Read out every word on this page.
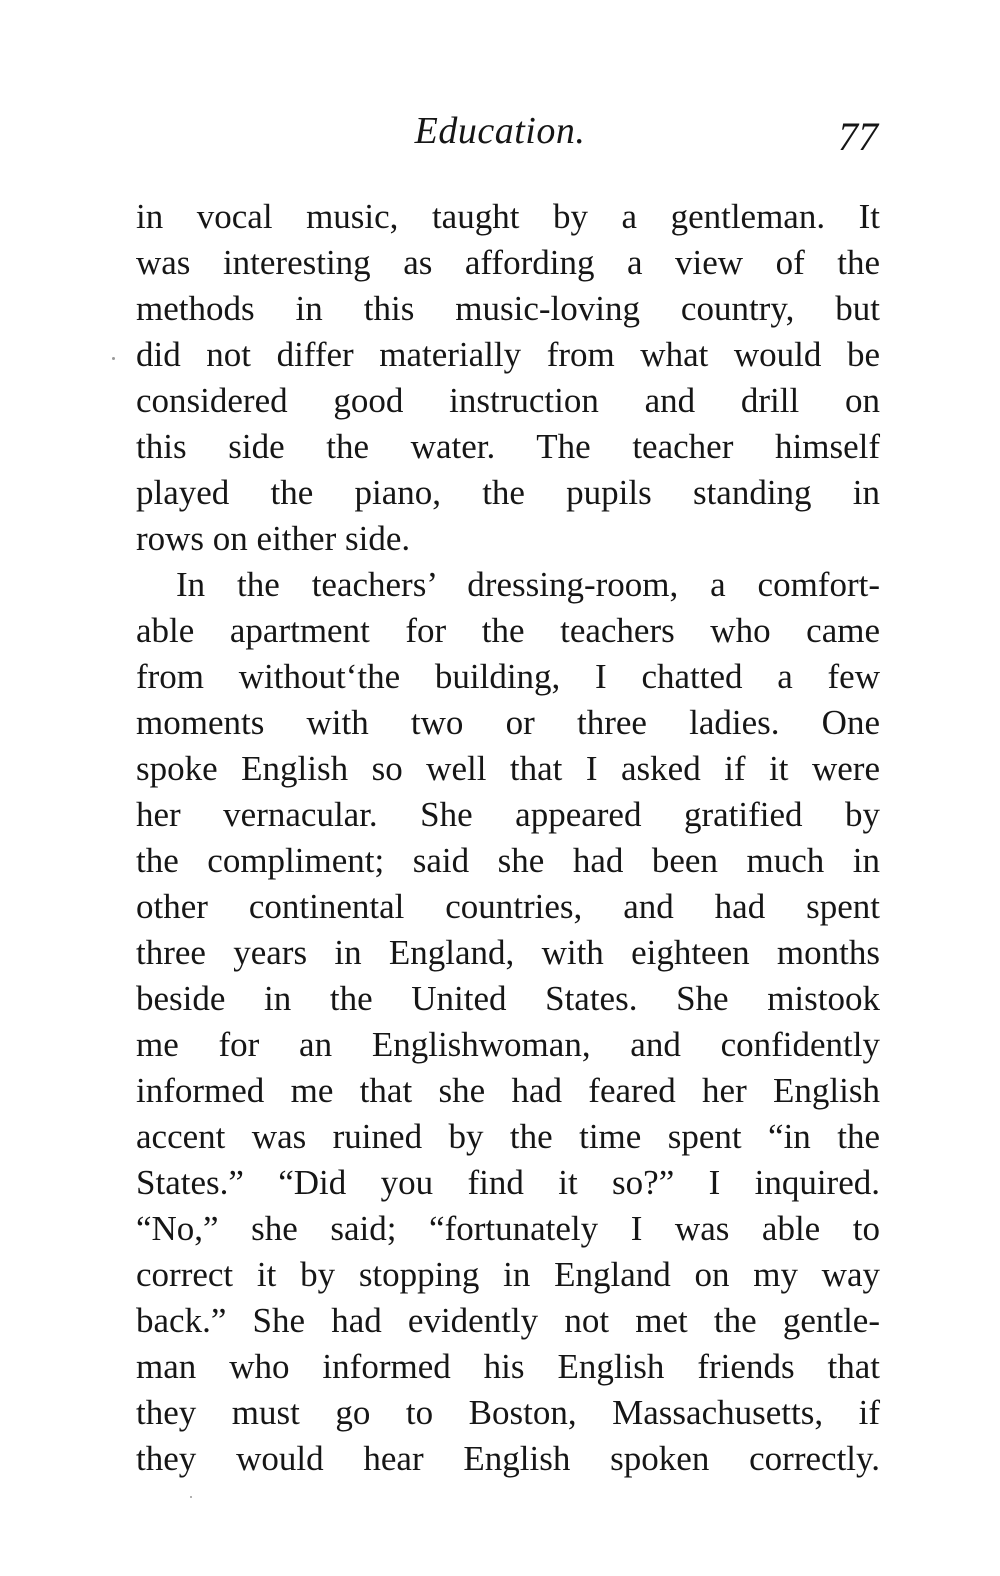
Education.	77

in vocal music, taught by a gentleman. It
was interesting as affording a view of the
methods in this music-loving country, but
did not differ materially from what would be
considered good instruction and drill on
this side the water. The teacher himself
played the piano, the pupils standing in
rows on either side.

In the teachers’ dressing-room, a comfort-
able apartment for the teachers who came
from without‘the building, I chatted a few
moments with two or three ladies. One
spoke English so well that I asked if it were
her vernacular. She appeared gratified by
the compliment; said she had been much in
other continental countries, and had spent
three years in England, with eighteen months
beside in the United States. She mistook
me for an Englishwoman, and confidently
informed me that she had feared her English
accent was ruined by the time spent “in the
States.” “Did you find it so?” I inquired.
“No,” she said; “fortunately I was able to
correct it by stopping in England on my way
back.” She had evidently not met the gentle-
man who informed his English friends that
they must go to Boston, Massachusetts, if
they would hear English spoken correctly.
